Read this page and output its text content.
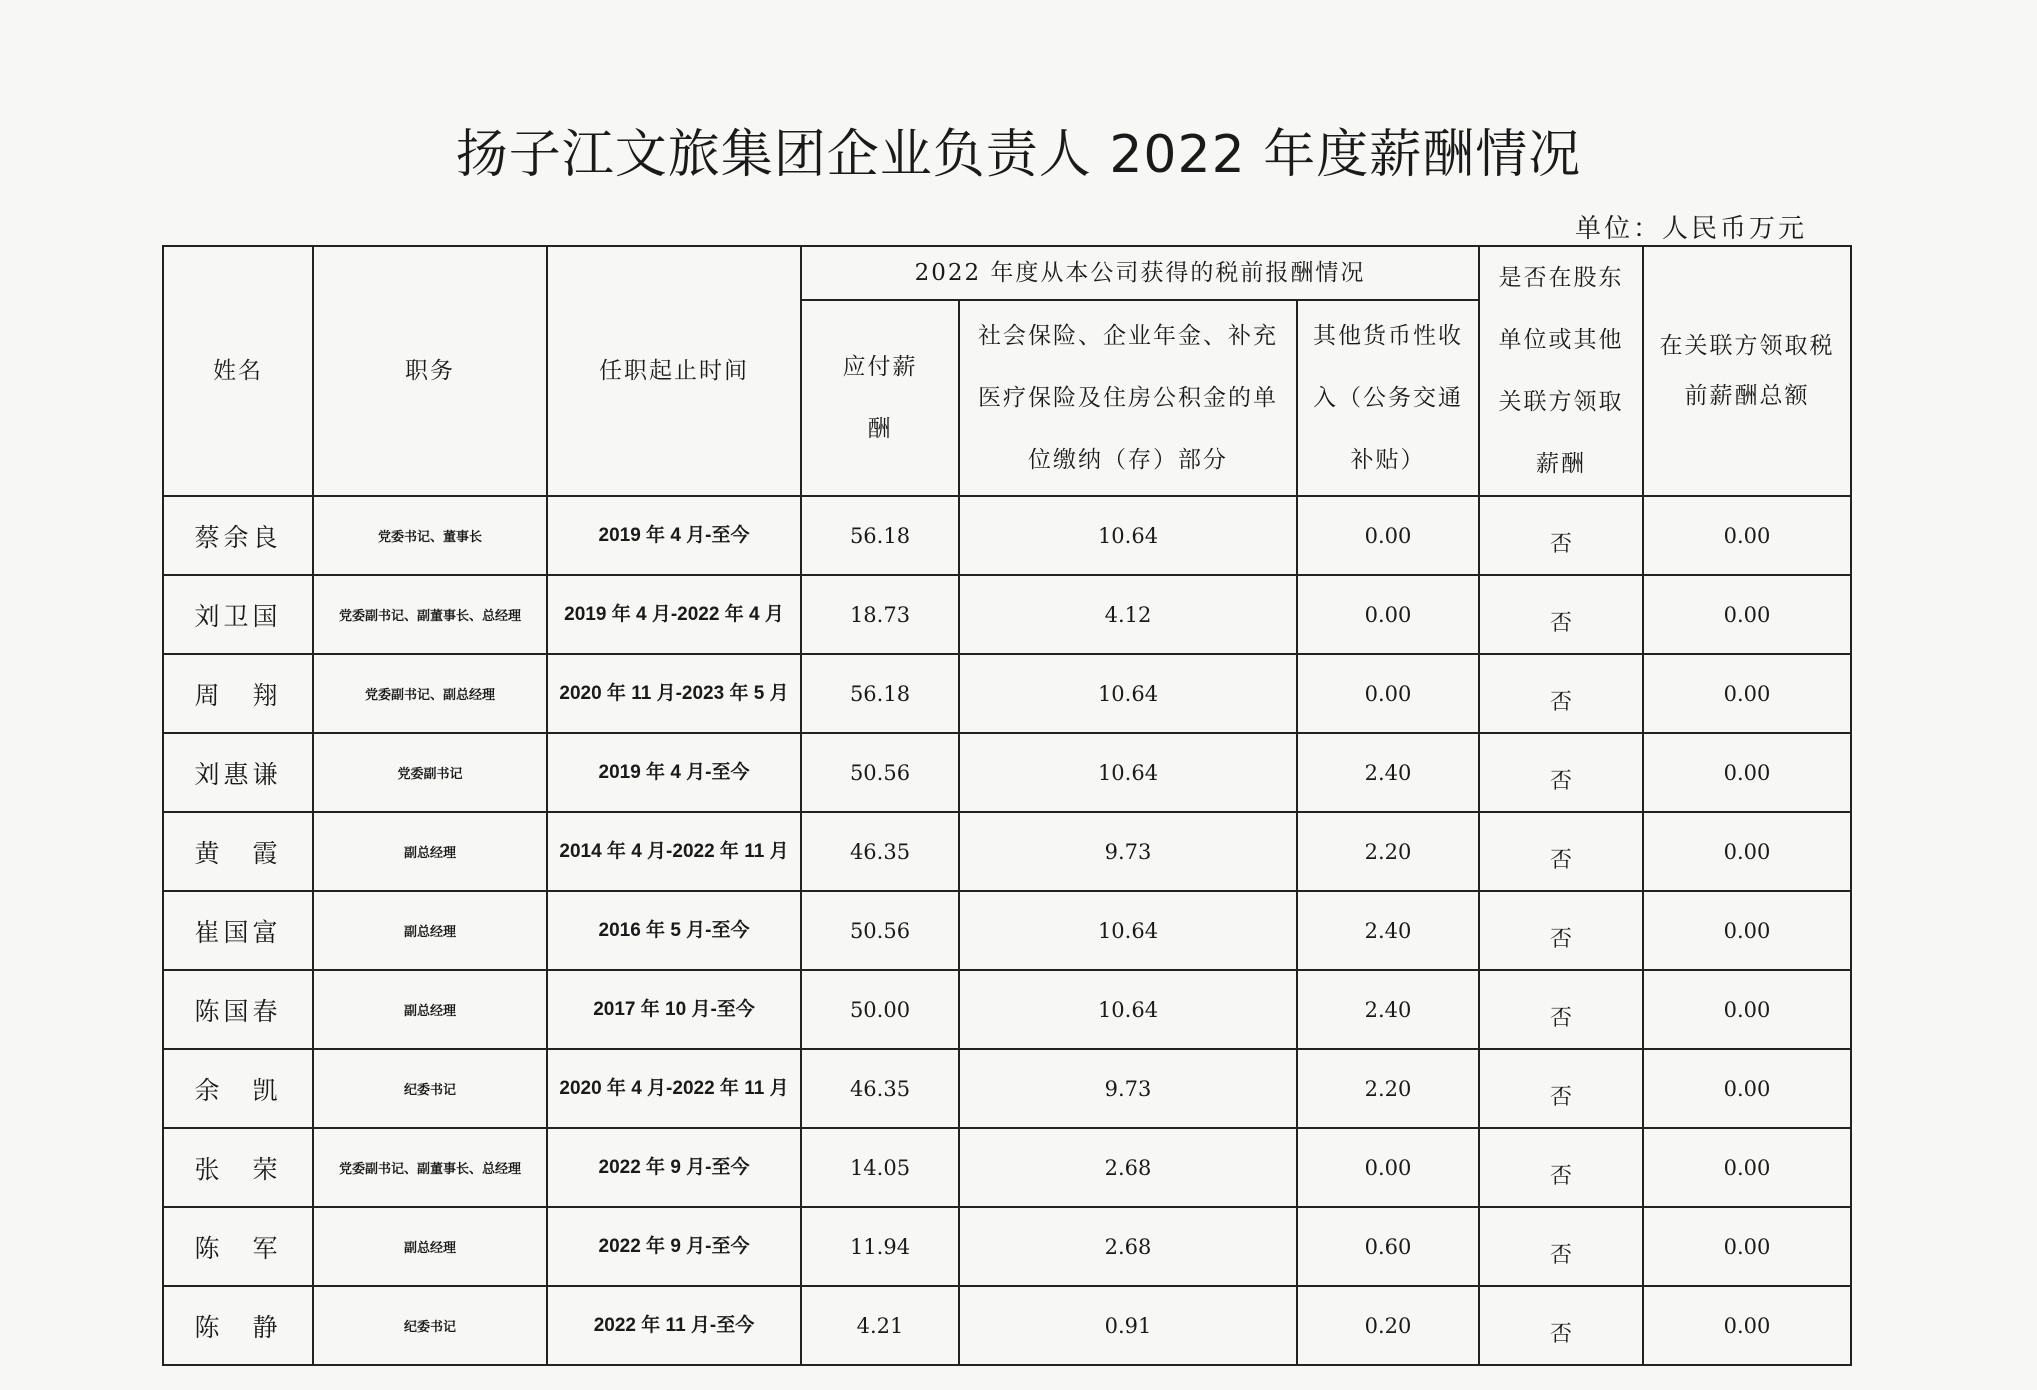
扬子江文旅集团企业负责人 2022 年度薪酬情况
单位：人民币万元
姓名	职务	任职起止时间	2022 年度从本公司获得的税前报酬情况			是否在股东单位或其他关联方领取薪酬	在关联方领取税前薪酬总额
			应付薪酬	社会保险、企业年金、补充医疗保险及住房公积金的单位缴纳（存）部分	其他货币性收入（公务交通补贴）		
蔡余良	党委书记、董事长	2019 年 4 月-至今	56.18	10.64	0.00	否	0.00
刘卫国	党委副书记、副董事长、总经理	2019 年 4 月-2022 年 4 月	18.73	4.12	0.00	否	0.00
周　翔	党委副书记、副总经理	2020 年 11 月-2023 年 5 月	56.18	10.64	0.00	否	0.00
刘惠谦	党委副书记	2019 年 4 月-至今	50.56	10.64	2.40	否	0.00
黄　霞	副总经理	2014 年 4 月-2022 年 11 月	46.35	9.73	2.20	否	0.00
崔国富	副总经理	2016 年 5 月-至今	50.56	10.64	2.40	否	0.00
陈国春	副总经理	2017 年 10 月-至今	50.00	10.64	2.40	否	0.00
余　凯	纪委书记	2020 年 4 月-2022 年 11 月	46.35	9.73	2.20	否	0.00
张　荣	党委副书记、副董事长、总经理	2022 年 9 月-至今	14.05	2.68	0.00	否	0.00
陈　军	副总经理	2022 年 9 月-至今	11.94	2.68	0.60	否	0.00
陈　静	纪委书记	2022 年 11 月-至今	4.21	0.91	0.20	否	0.00
